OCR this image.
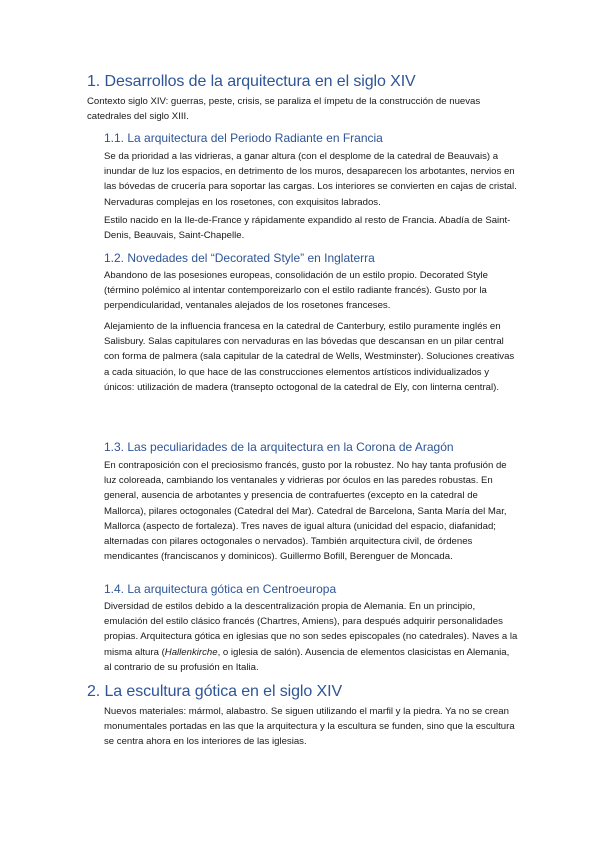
1. Desarrollos de la arquitectura en el siglo XIV
Contexto siglo XIV: guerras, peste, crisis, se paraliza el ímpetu de la construcción de nuevas catedrales del siglo XIII.
1.1. La arquitectura del Periodo Radiante en Francia
Se da prioridad a las vidrieras, a ganar altura (con el desplome de la catedral de Beauvais) a inundar de luz los espacios, en detrimento de los muros, desaparecen los arbotantes, nervios en las bóvedas de crucería para soportar las cargas. Los interiores se convierten en cajas de cristal. Nervaduras complejas en los rosetones, con exquisitos labrados.
Estilo nacido en la Ile-de-France y rápidamente expandido al resto de Francia. Abadía de Saint-Denis, Beauvais, Saint-Chapelle.
1.2. Novedades del “Decorated Style” en Inglaterra
Abandono de las posesiones europeas, consolidación de un estilo propio. Decorated Style (término polémico al intentar contemporeizarlo con el estilo radiante francés). Gusto por la perpendicularidad, ventanales alejados de los rosetones franceses.
Alejamiento de la influencia francesa en la catedral de Canterbury, estilo puramente inglés en Salisbury. Salas capitulares con nervaduras en las bóvedas que descansan en un pilar central con forma de palmera (sala capitular de la catedral de Wells, Westminster). Soluciones creativas a cada situación, lo que hace de las construcciones elementos artísticos individualizados y únicos: utilización de madera (transepto octogonal de la catedral de Ely, con linterna central).
1.3. Las peculiaridades de la arquitectura en la Corona de Aragón
En contraposición con el preciosismo francés, gusto por la robustez. No hay tanta profusión de luz coloreada, cambiando los ventanales y vidrieras por óculos en las paredes robustas. En general, ausencia de arbotantes y presencia de contrafuertes (excepto en la catedral de Mallorca), pilares octogonales (Catedral del Mar). Catedral de Barcelona, Santa María del Mar, Mallorca (aspecto de fortaleza). Tres naves de igual altura (unicidad del espacio, diafanidad; alternadas con pilares octogonales o nervados). También arquitectura civil, de órdenes mendicantes (franciscanos y dominicos). Guillermo Bofill, Berenguer de Moncada.
1.4. La arquitectura gótica en Centroeuropa
Diversidad de estilos debido a la descentralización propia de Alemania. En un principio, emulación del estilo clásico francés (Chartres, Amiens), para después adquirir personalidades propias. Arquitectura gótica en iglesias que no son sedes episcopales (no catedrales). Naves a la misma altura (Hallenkirche, o iglesia de salón). Ausencia de elementos clasicistas en Alemania, al contrario de su profusión en Italia.
2. La escultura gótica en el siglo XIV
Nuevos materiales: mármol, alabastro. Se siguen utilizando el marfil y la piedra. Ya no se crean monumentales portadas en las que la arquitectura y la escultura se funden, sino que la escultura se centra ahora en los interiores de las iglesias.
